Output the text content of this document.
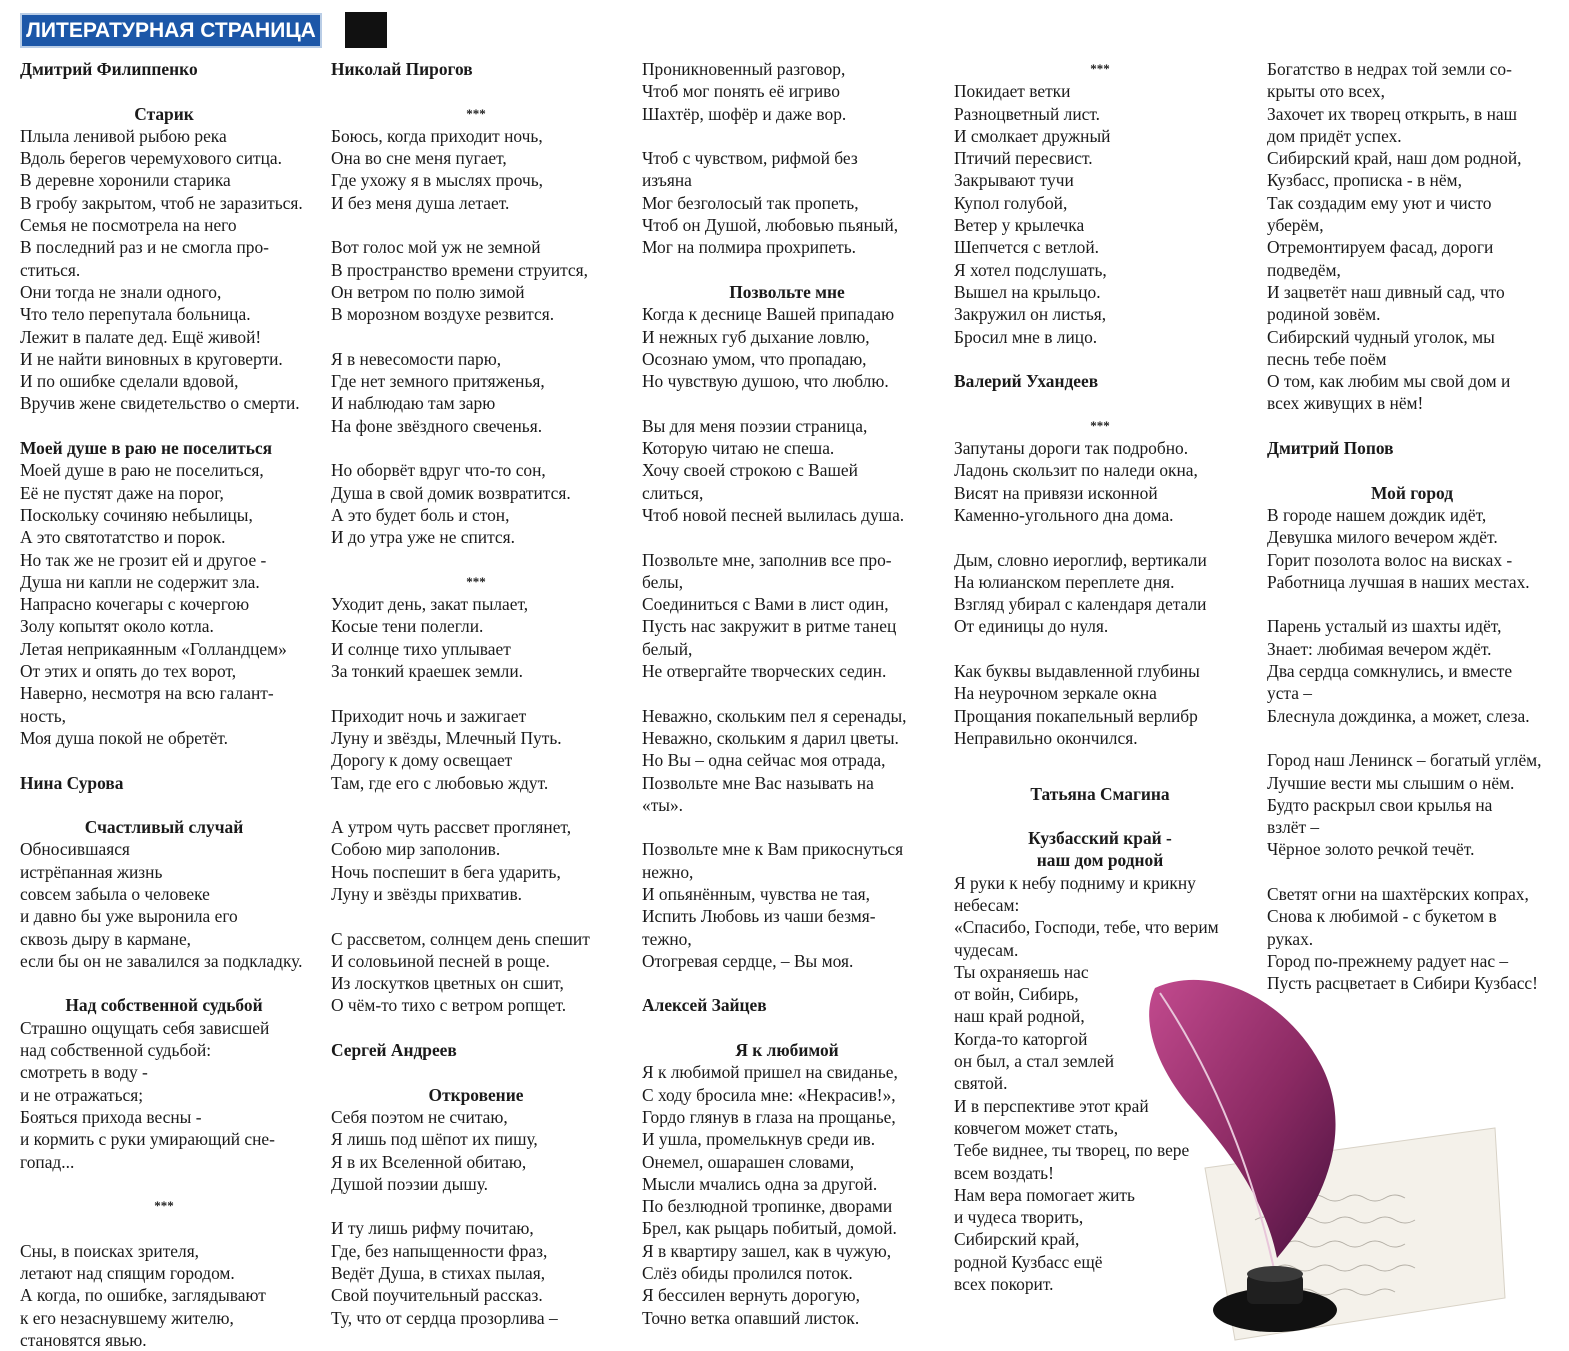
ЛИТЕРАТУРНАЯ СТРАНИЦА

Дмитрий Филиппенко

Старик

Плыла ленивой рыбою река

Вдоль берегов черемухового ситца.

В деревне хоронили старика

В гробу закрытом, чтоб не заразиться.

Семья не посмотрела на него

В последний раз и не смогла про-

ститься.

Они тогда не знали одного,

Что тело перепутала больница.

Лежит в палате дед. Ещё живой!

И не найти виновных в круговерти.

И по ошибке сделали вдовой,

Вручив жене свидетельство о смерти.

Моей душе в раю не поселиться

Моей душе в раю не поселиться,

Её не пустят даже на порог,

Поскольку сочиняю небылицы,

А это святотатство и порок.

Но так же не грозит ей и другое -

Душа ни капли не содержит зла.

Напрасно кочегары с кочергою

Золу копытят около котла.

Летая неприкаянным «Голландцем»

От этих и опять до тех ворот,

Наверно, несмотря на всю галант-

ность,

Моя душа покой не обретёт.

Нина Сурова

Счастливый случай

Обносившаяся

истрёпанная жизнь

совсем забыла о человеке

и давно бы уже выронила его

сквозь дыру в кармане,

если бы он не завалился за подкладку.

Над собственной судьбой

Страшно ощущать себя зависшей

над собственной судьбой:

смотреть в воду -

и не отражаться;

Бояться прихода весны -

и кормить с руки умирающий сне-

гопад...

***

Сны, в поисках зрителя,

летают над спящим городом.

А когда, по ошибке, заглядывают

к его незаснувшему жителю,

становятся явью.

Николай Пирогов

***

Боюсь, когда приходит ночь,

Она во сне меня пугает,

Где ухожу я в мыслях прочь,

И без меня душа летает.

Вот голос мой уж не земной

В пространство времени струится,

Он ветром по полю зимой

В морозном воздухе резвится.

Я в невесомости парю,

Где нет земного притяженья,

И наблюдаю там зарю

На фоне звёздного свеченья.

Но оборвёт вдруг что-то сон,

Душа в свой домик возвратится.

А это будет боль и стон,

И до утра уже не спится.

***

Уходит день, закат пылает,

Косые тени полегли.

И солнце тихо уплывает

За тонкий краешек земли.

Приходит ночь и зажигает

Луну и звёзды, Млечный Путь.

Дорогу к дому освещает

Там, где его с любовью ждут.

А утром чуть рассвет проглянет,

Собою мир заполонив.

Ночь поспешит в бега ударить,

Луну и звёзды прихватив.

С рассветом, солнцем день спешит

И соловьиной песней в роще.

Из лоскутков цветных он сшит,

О чём-то тихо с ветром ропщет.

Сергей Андреев

Откровение

Себя поэтом не считаю,

Я лишь под шёпот их пишу,

Я в их Вселенной обитаю,

Душой поэзии дышу.

И ту лишь рифму почитаю,

Где, без напыщенности фраз,

Ведёт Душа, в стихах пылая,

Свой поучительный рассказ.

Ту, что от сердца прозорлива –

Проникновенный разговор,

Чтоб мог понять её игриво

Шахтёр, шофёр и даже вор.

Чтоб с чувством, рифмой без

изъяна

Мог безголосый так пропеть,

Чтоб он Душой, любовью пьяный,

Мог на полмира прохрипеть.

Позвольте мне

Когда к деснице Вашей припадаю

И нежных губ дыхание ловлю,

Осознаю умом, что пропадаю,

Но чувствую душою, что люблю.

Вы для меня поэзии страница,

Которую читаю не спеша.

Хочу своей строкою с Вашей

слиться,

Чтоб новой песней вылилась душа.

Позвольте мне, заполнив все про-

белы,

Соединиться с Вами в лист один,

Пусть нас закружит в ритме танец

белый,

Не отвергайте творческих седин.

Неважно, скольким пел я серенады,

Неважно, скольким я дарил цветы.

Но Вы – одна сейчас моя отрада,

Позвольте мне Вас называть на

«ты».

Позвольте мне к Вам прикоснуться

нежно,

И опьянённым, чувства не тая,

Испить Любовь из чаши безмя-

тежно,

Отогревая сердце, – Вы моя.

Алексей Зайцев

Я к любимой

Я к любимой пришел на свиданье,

С ходу бросила мне: «Некрасив!»,

Гордо глянув в глаза на прощанье,

И ушла, промелькнув среди ив.

Онемел, ошарашен словами,

Мысли мчались одна за другой.

По безлюдной тропинке, дворами

Брел, как рыцарь побитый, домой.

Я в квартиру зашел, как в чужую,

Слёз обиды пролился поток.

Я бессилен вернуть дорогую,

Точно ветка опавший листок.

***

Покидает ветки

Разноцветный лист.

И смолкает дружный

Птичий пересвист.

Закрывают тучи

Купол голубой,

Ветер у крылечка

Шепчется с ветлой.

Я хотел подслушать,

Вышел на крыльцо.

Закружил он листья,

Бросил мне в лицо.

Валерий Ухандеев

***

Запутаны дороги так подробно.

Ладонь скользит по наледи окна,

Висят на привязи исконной

Каменно-угольного дна дома.

Дым, словно иероглиф, вертикали

На юлианском переплете дня.

Взгляд убирал с календаря детали

От единицы до нуля.

Как буквы выдавленной глубины

На неурочном зеркале окна

Прощания покапельный верлибр

Неправильно окончился.

Татьяна Смагина

Кузбасский край -

наш дом родной

Я руки к небу подниму и крикну

небесам:

«Спасибо, Господи, тебе, что верим

чудесам.

Ты охраняешь нас

от войн, Сибирь,

наш край родной,

Когда-то каторгой

он был, а стал землей

святой.

И в перспективе этот край

ковчегом может стать,

Тебе виднее, ты творец, по вере

всем воздать!

Нам вера помогает жить

и чудеса творить,

Сибирский край,

родной Кузбасс ещё

всех покорит.

Богатство в недрах той земли со-

крыты ото всех,

Захочет их творец открыть, в наш

дом придёт успех.

Сибирский край, наш дом родной,

Кузбасс, прописка - в нём,

Так создадим ему уют и чисто

уберём,

Отремонтируем фасад, дороги

подведём,

И зацветёт наш дивный сад, что

родиной зовём.

Сибирский чудный уголок, мы

песнь тебе поём

О том, как любим мы свой дом и

всех живущих в нём!

Дмитрий Попов

Мой город

В городе нашем дождик идёт,

Девушка милого вечером ждёт.

Горит позолота волос на висках -

Работница лучшая в наших местах.

Парень усталый из шахты идёт,

Знает: любимая вечером ждёт.

Два сердца сомкнулись, и вместе

уста –

Блеснула дождинка, а может, слеза.

Город наш Ленинск – богатый углём,

Лучшие вести мы слышим о нём.

Будто раскрыл свои крылья на

взлёт –

Чёрное золото речкой течёт.

Светят огни на шахтёрских копрах,

Снова к любимой - с букетом в

руках.

Город по-прежнему радует нас –

Пусть расцветает в Сибири Кузбасс!
